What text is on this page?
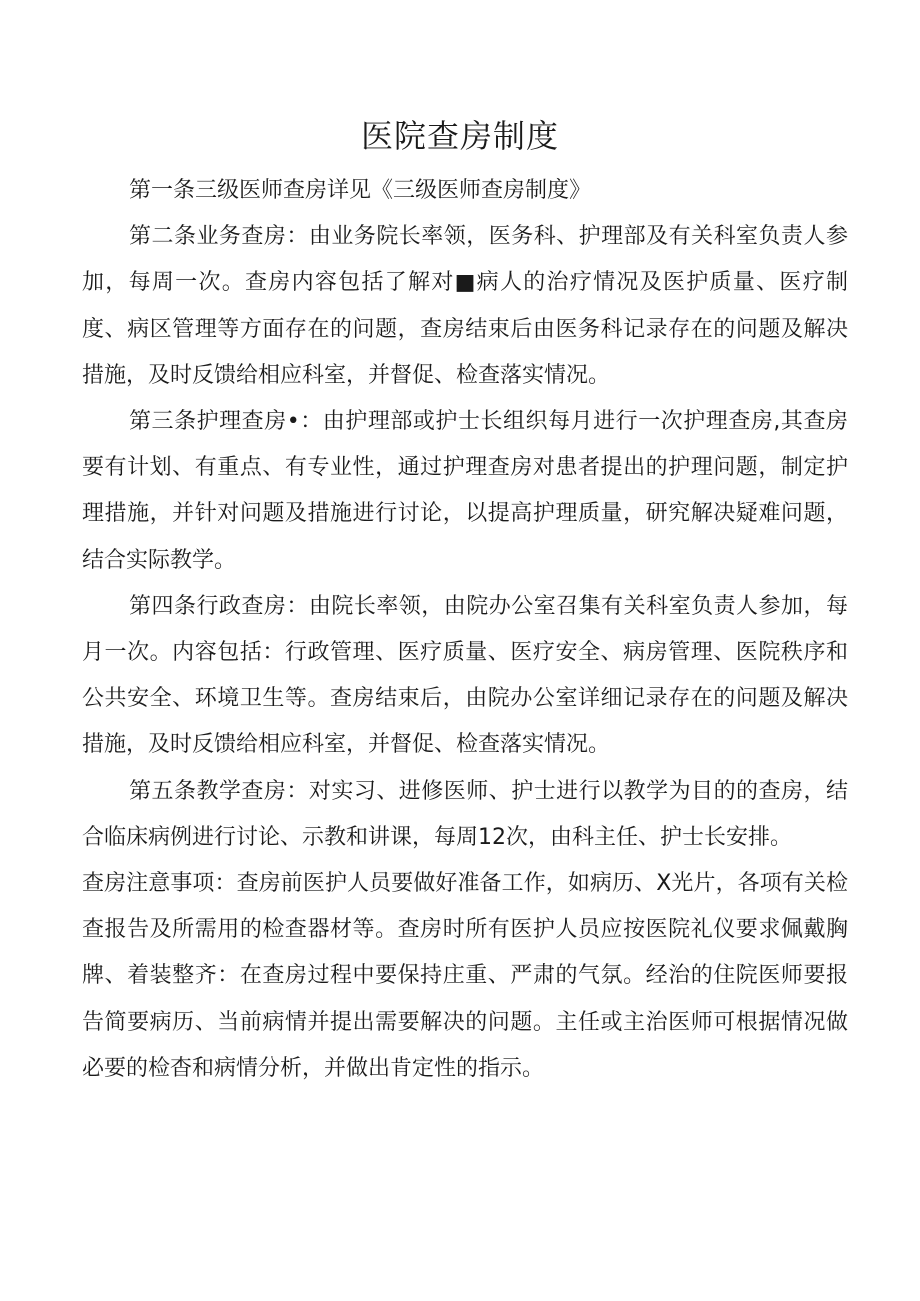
医院查房制度

第一条三级医师查房详见《三级医师查房制度》

第二条业务查房：由业务院长率领，医务科、护理部及有关科室负责人参加，每周一次。查房内容包括了解对■病人的治疗情况及医护质量、医疗制度、病区管理等方面存在的问题，查房结束后由医务科记录存在的问题及解决措施，及时反馈给相应科室，并督促、检查落实情况。

第三条护理查房•：由护理部或护士长组织每月进行一次护理查房,其查房要有计划、有重点、有专业性，通过护理查房对患者提出的护理问题，制定护理措施，并针对问题及措施进行讨论，以提高护理质量，研究解决疑难问题，结合实际教学。

第四条行政查房：由院长率领，由院办公室召集有关科室负责人参加，每月一次。内容包括：行政管理、医疗质量、医疗安全、病房管理、医院秩序和公共安全、环境卫生等。查房结束后，由院办公室详细记录存在的问题及解决措施，及时反馈给相应科室，并督促、检查落实情况。

第五条教学查房：对实习、进修医师、护士进行以教学为目的的查房，结合临床病例进行讨论、示教和讲课，每周12次，由科主任、护士长安排。

查房注意事项：查房前医护人员要做好准备工作，如病历、X光片，各项有关检查报告及所需用的检查器材等。查房时所有医护人员应按医院礼仪要求佩戴胸牌、着装整齐：在查房过程中要保持庄重、严肃的气氛。经治的住院医师要报告简要病历、当前病情并提出需要解决的问题。主任或主治医师可根据情况做必要的检杳和病情分析，并做出肯定性的指示。
